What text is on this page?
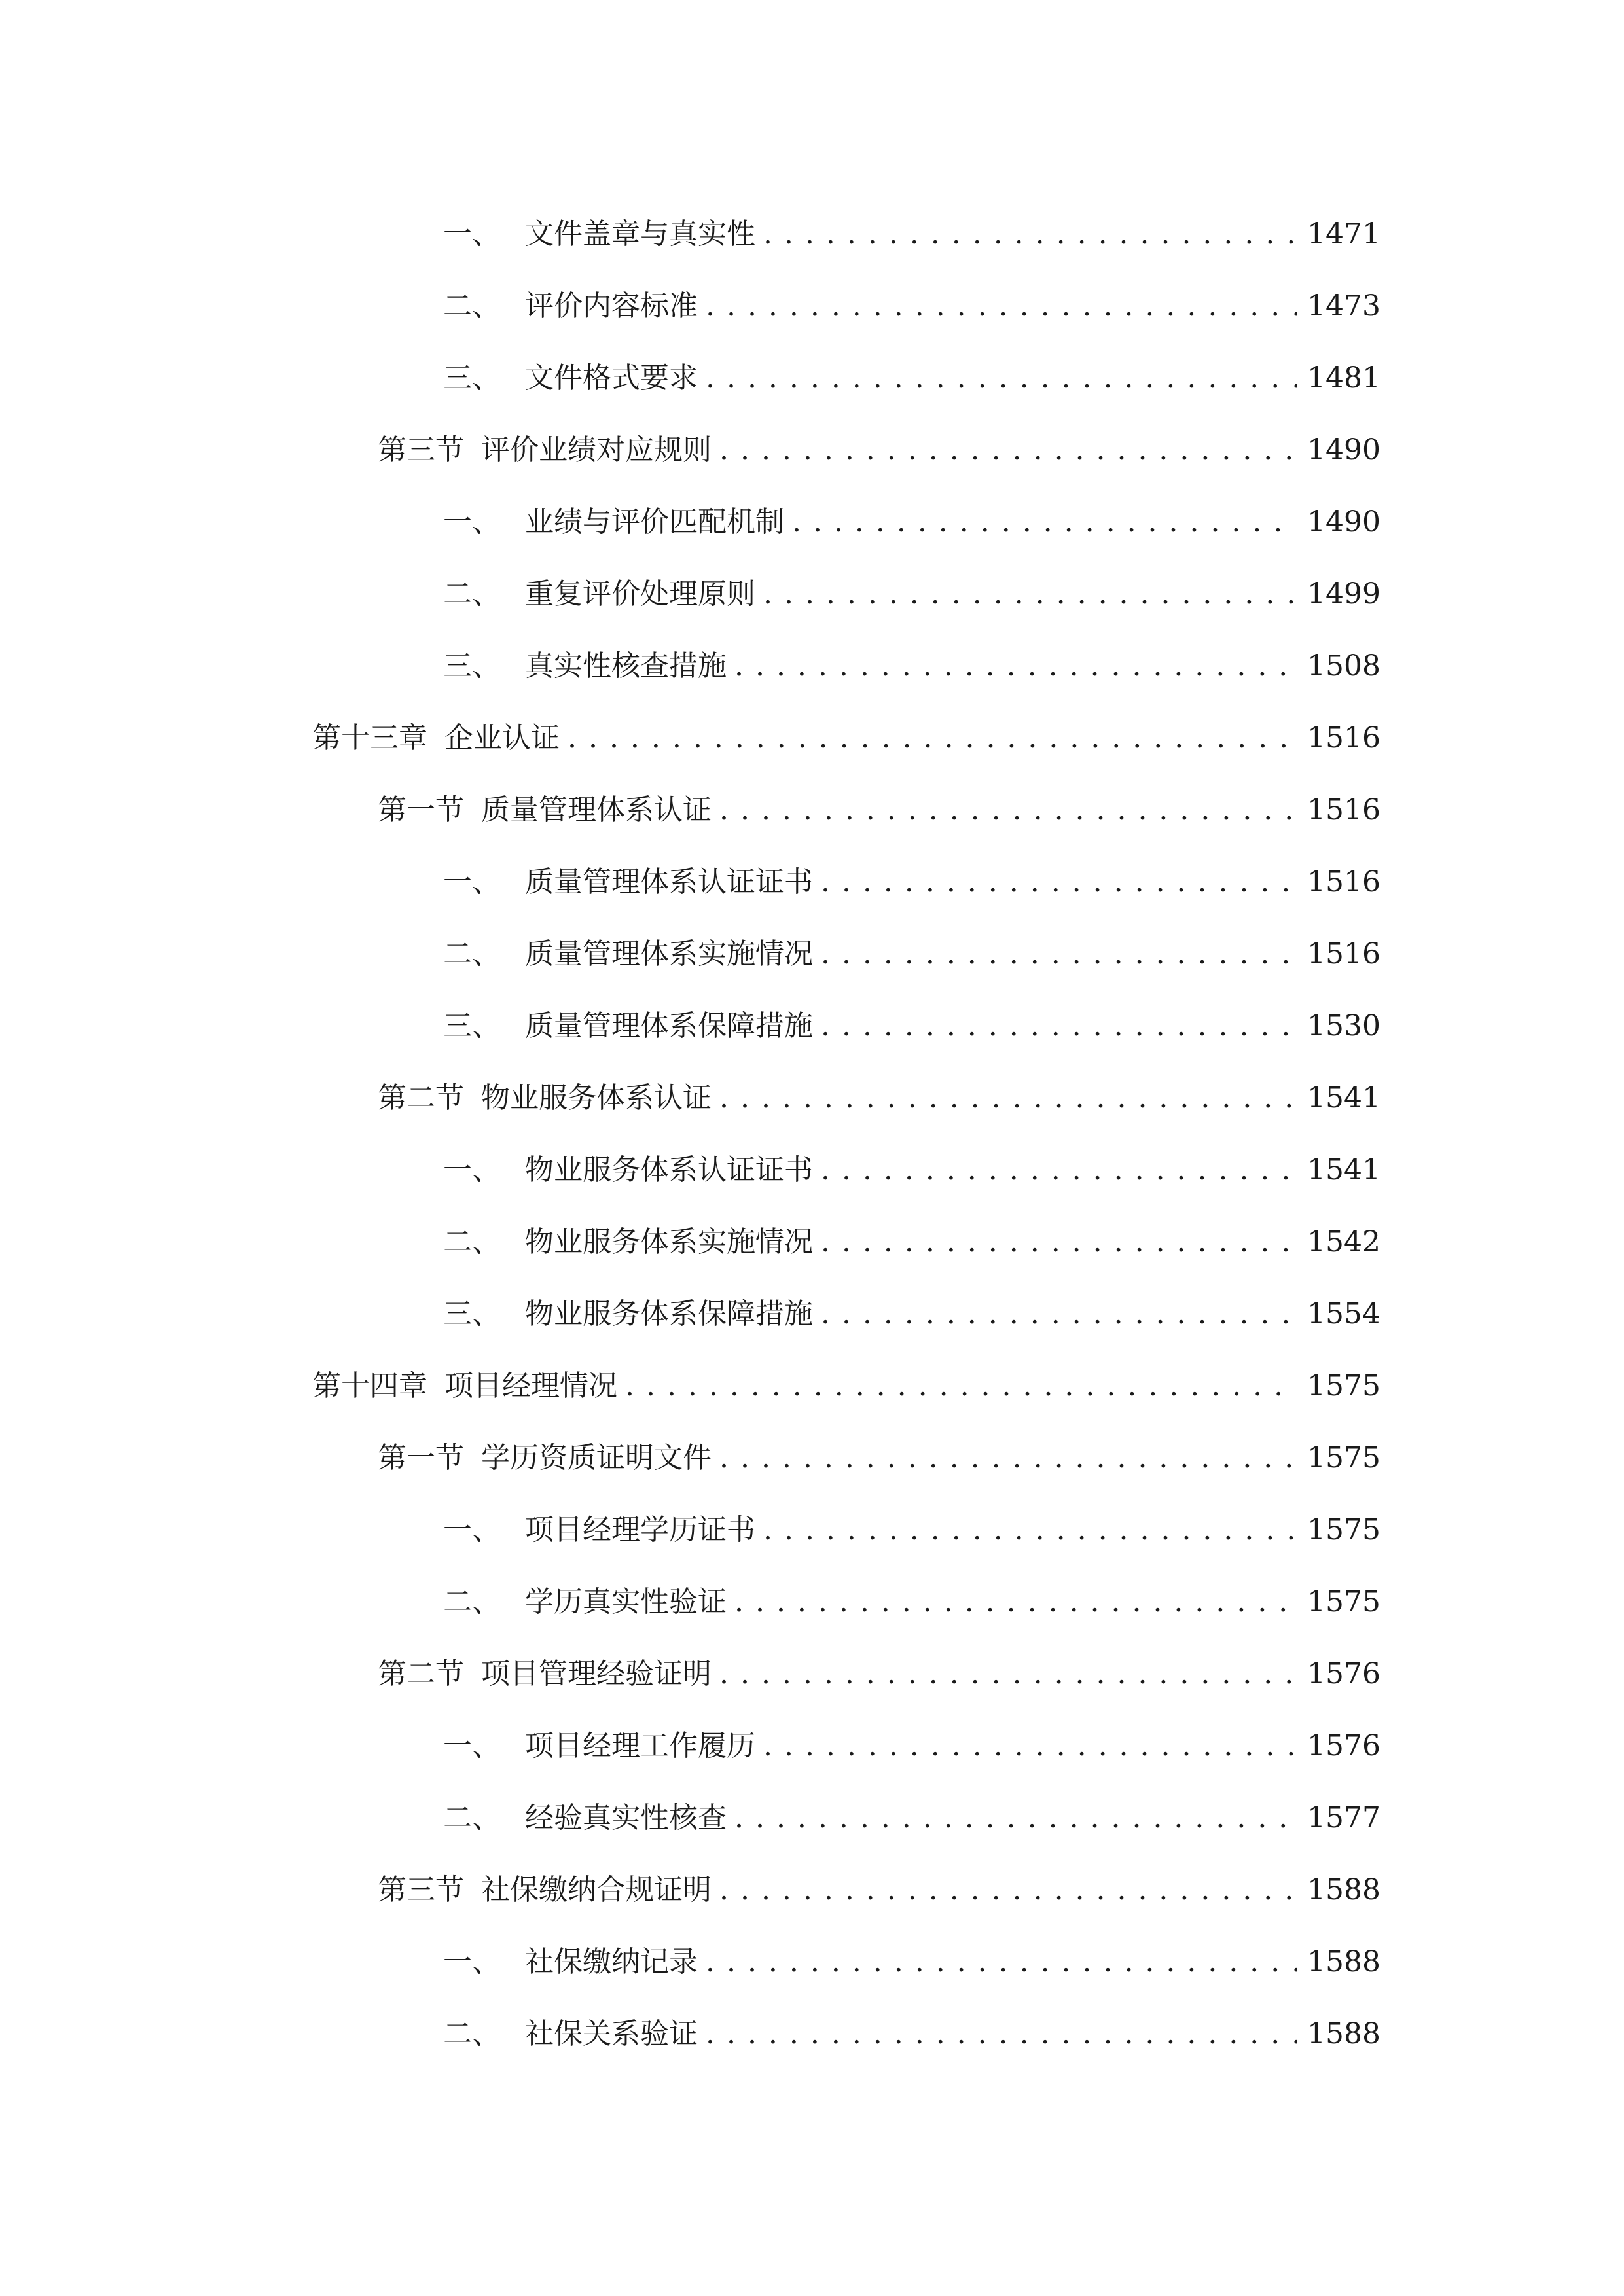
一、 文件盖章与真实性 . . .	1471
二、 评价内容标准 . . .	1473
三、 文件格式要求 . . .	1481
第三节 评价业绩对应规则 . . .	1490
一、 业绩与评价匹配机制 . . .	1490
二、 重复评价处理原则 . . .	1499
三、 真实性核查措施 . . .	1508
第十三章 企业认证 . . .	1516
第一节 质量管理体系认证 . . .	1516
一、 质量管理体系认证证书 . . .	1516
二、 质量管理体系实施情况 . . .	1516
三、 质量管理体系保障措施 . . .	1530
第二节 物业服务体系认证 . . .	1541
一、 物业服务体系认证证书 . . .	1541
二、 物业服务体系实施情况 . . .	1542
三、 物业服务体系保障措施 . . .	1554
第十四章 项目经理情况 . . .	1575
第一节 学历资质证明文件 . . .	1575
一、 项目经理学历证书 . . .	1575
二、 学历真实性验证 . . .	1575
第二节 项目管理经验证明 . . .	1576
一、 项目经理工作履历 . . .	1576
二、 经验真实性核查 . . .	1577
第三节 社保缴纳合规证明 . . .	1588
一、 社保缴纳记录 . . .	1588
二、 社保关系验证 . . .	1588
